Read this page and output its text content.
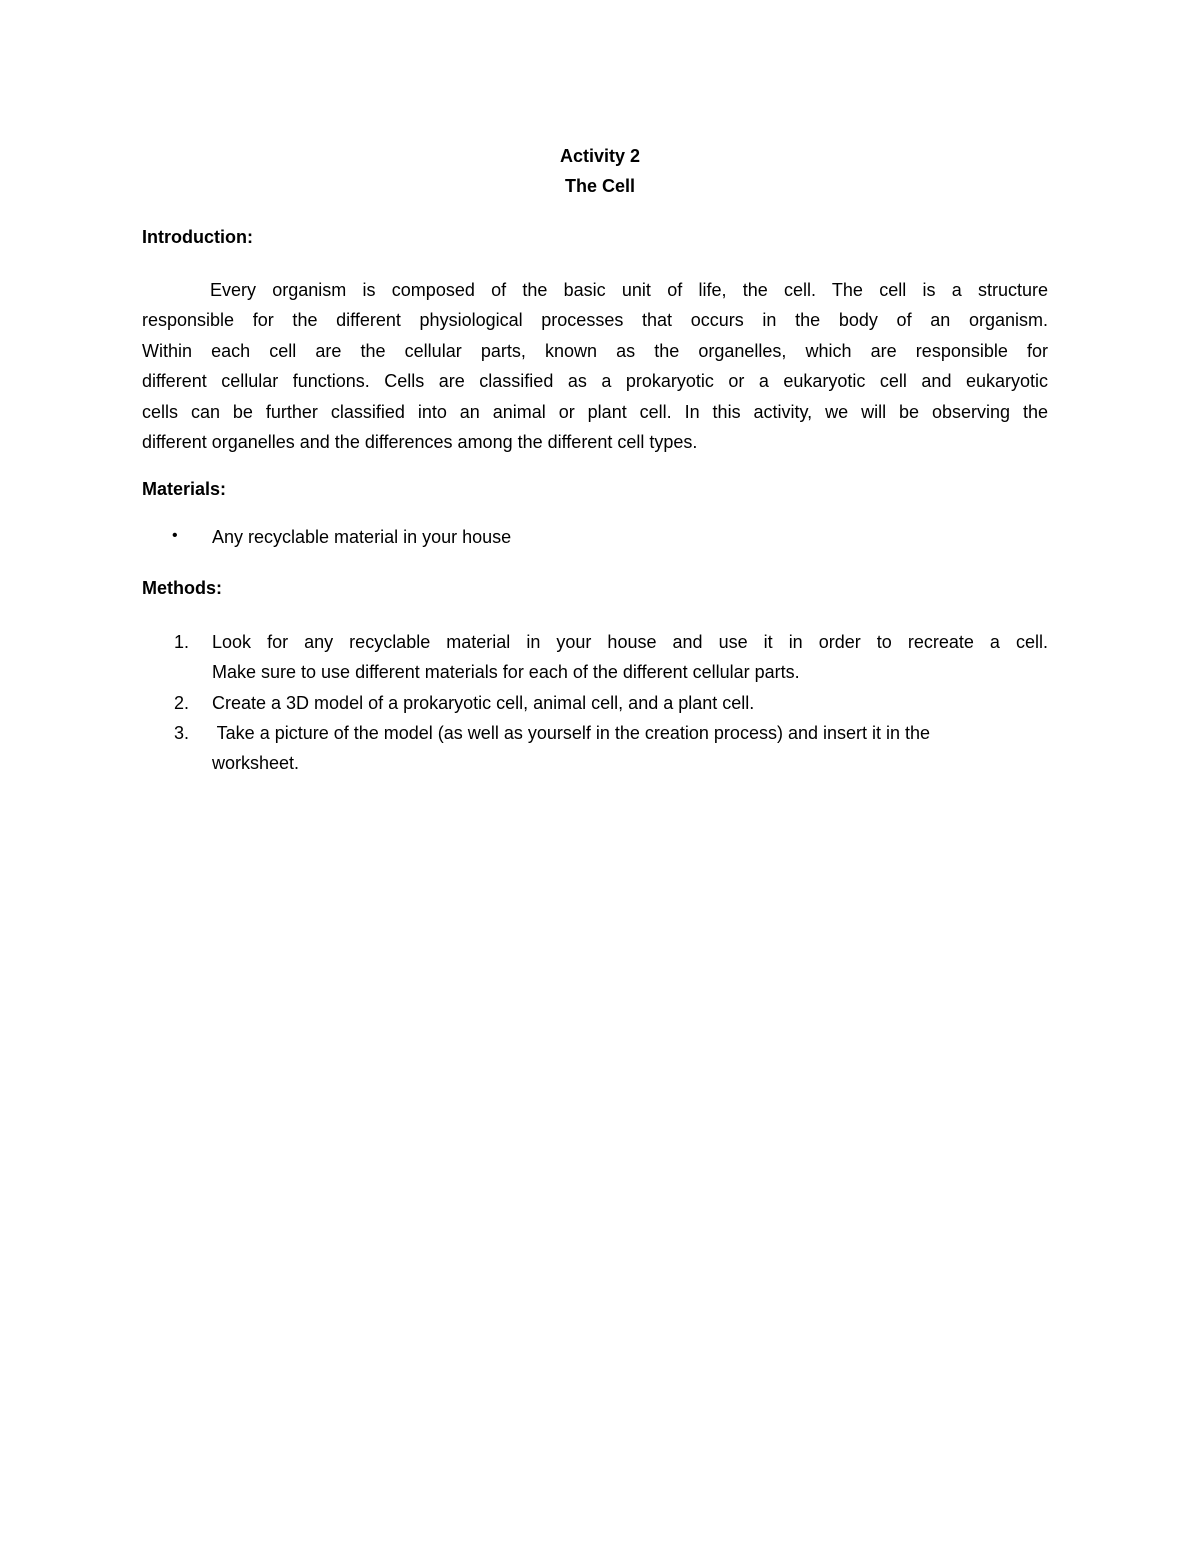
Activity 2
The Cell
Introduction:
Every organism is composed of the basic unit of life, the cell. The cell is a structure
responsible for the different physiological processes that occurs in the body of an organism.
Within each cell are the cellular parts, known as the organelles, which are responsible for
different cellular functions. Cells are classified as a prokaryotic or a eukaryotic cell and eukaryotic
cells can be further classified into an animal or plant cell. In this activity, we will be observing the
different organelles and the differences among the different cell types.
Materials:
• Any recyclable material in your house
Methods:
1. Look for any recyclable material in your house and use it in order to recreate a cell.
Make sure to use different materials for each of the different cellular parts.
2. Create a 3D model of a prokaryotic cell, animal cell, and a plant cell.
3. Take a picture of the model (as well as yourself in the creation process) and insert it in the
worksheet.
